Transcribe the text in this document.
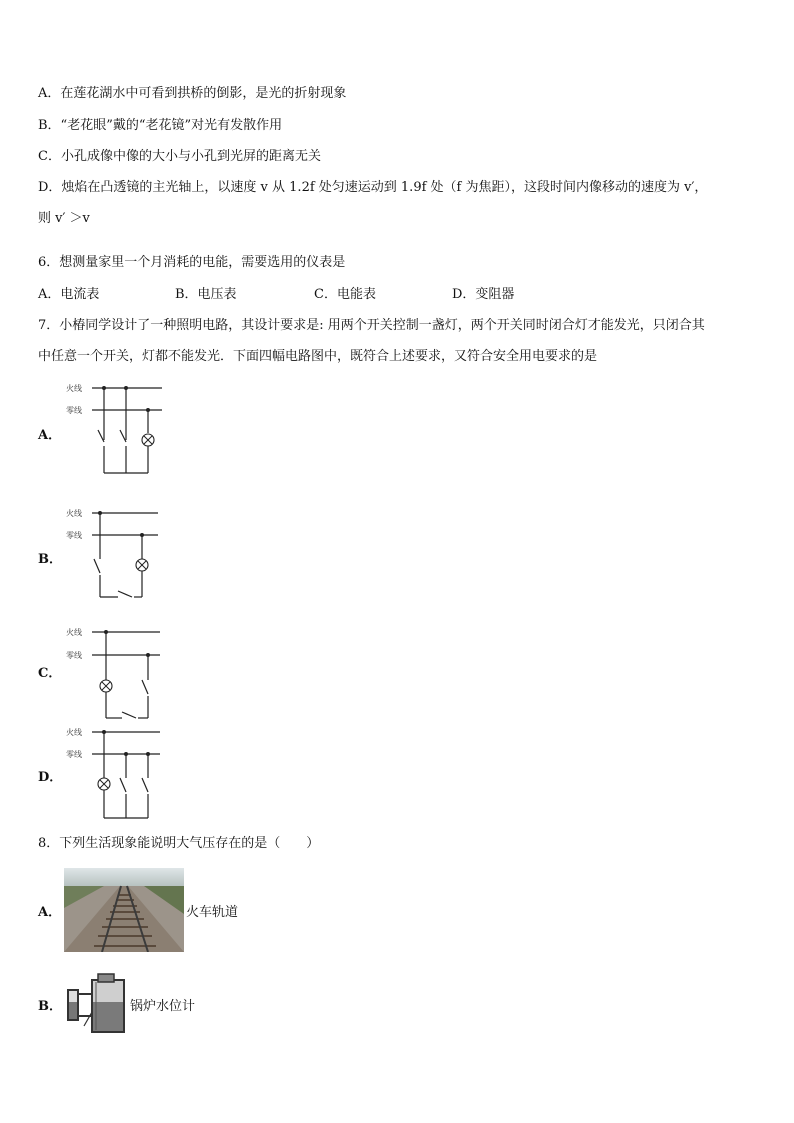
A．在莲花湖水中可看到拱桥的倒影，是光的折射现象
B．“老花眼”戴的“老花镜”对光有发散作用
C．小孔成像中像的大小与小孔到光屏的距离无关
D．烛焰在凸透镜的主光轴上，以速度 v 从 1.2f 处匀速运动到 1.9f 处（f 为焦距），这段时间内像移动的速度为 v′，
则 v′ ＞v
6．想测量家里一个月消耗的电能，需要选用的仪表是
A．电流表	B．电压表	C．电能表	D．变阻器
7．小椿同学设计了一种照明电路，其设计要求是: 用两个开关控制一盏灯，两个开关同时闭合灯才能发光，只闭合其
中任意一个开关，灯都不能发光．下面四幅电路图中，既符合上述要求，又符合安全用电要求的是
A．
火线
零线
B．
火线
零线
C．
火线
零线
D．
火线
零线
8．下列生活现象能说明大气压存在的是（　　）
A．	火车轨道
B．	锅炉水位计
